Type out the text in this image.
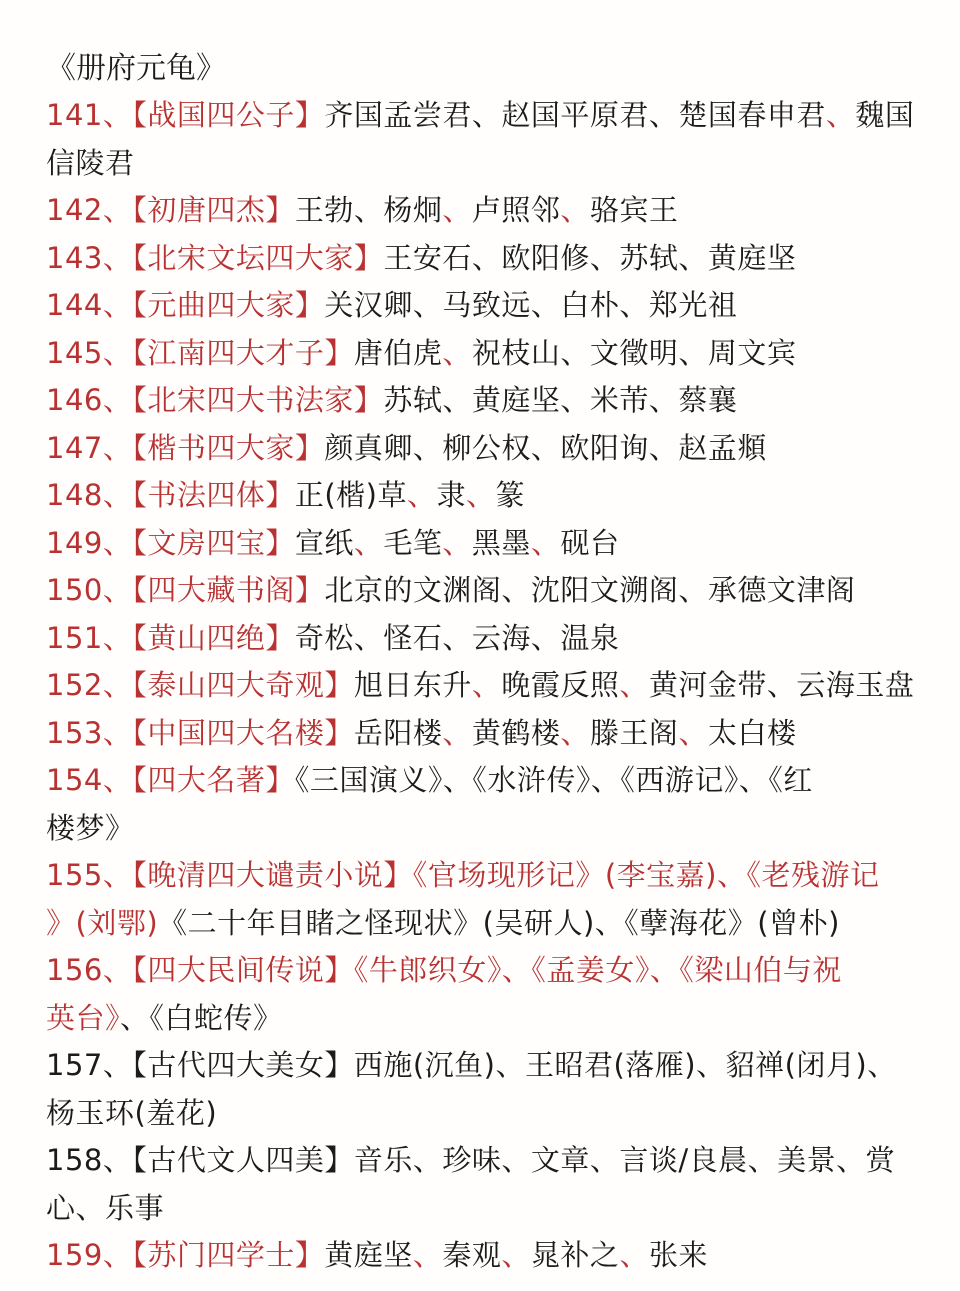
《册府元龟》
141、【战国四公子】齐国孟尝君、赵国平原君、楚国春申君、魏国
信陵君
142、【初唐四杰】王勃、杨炯、卢照邻、骆宾王
143、【北宋文坛四大家】王安石、欧阳修、苏轼、黄庭坚
144、【元曲四大家】关汉卿、马致远、白朴、郑光祖
145、【江南四大才子】唐伯虎、祝枝山、文徵明、周文宾
146、【北宋四大书法家】苏轼、黄庭坚、米芾、蔡襄
147、【楷书四大家】颜真卿、柳公权、欧阳询、赵孟頫
148、【书法四体】正(楷)草、隶、篆
149、【文房四宝】宣纸、毛笔、黑墨、砚台
150、【四大藏书阁】北京的文渊阁、沈阳文溯阁、承德文津阁
151、【黄山四绝】奇松、怪石、云海、温泉
152、【泰山四大奇观】旭日东升、晚霞反照、黄河金带、云海玉盘
153、【中国四大名楼】岳阳楼、黄鹤楼、滕王阁、太白楼
154、【四大名著】《三国演义》、《水浒传》、《西游记》、《红
楼梦》
155、【晚清四大谴责小说】《官场现形记》(李宝嘉)、《老残游记
》(刘鄂)《二十年目睹之怪现状》(吴研人)、《孽海花》(曾朴)
156、【四大民间传说】《牛郎织女》、《孟姜女》、《梁山伯与祝
英台》、《白蛇传》
157、【古代四大美女】西施(沉鱼)、王昭君(落雁)、貂禅(闭月)、
杨玉环(羞花)
158、【古代文人四美】音乐、珍味、文章、言谈/良晨、美景、赏
心、乐事
159、【苏门四学士】黄庭坚、秦观、晁补之、张来
